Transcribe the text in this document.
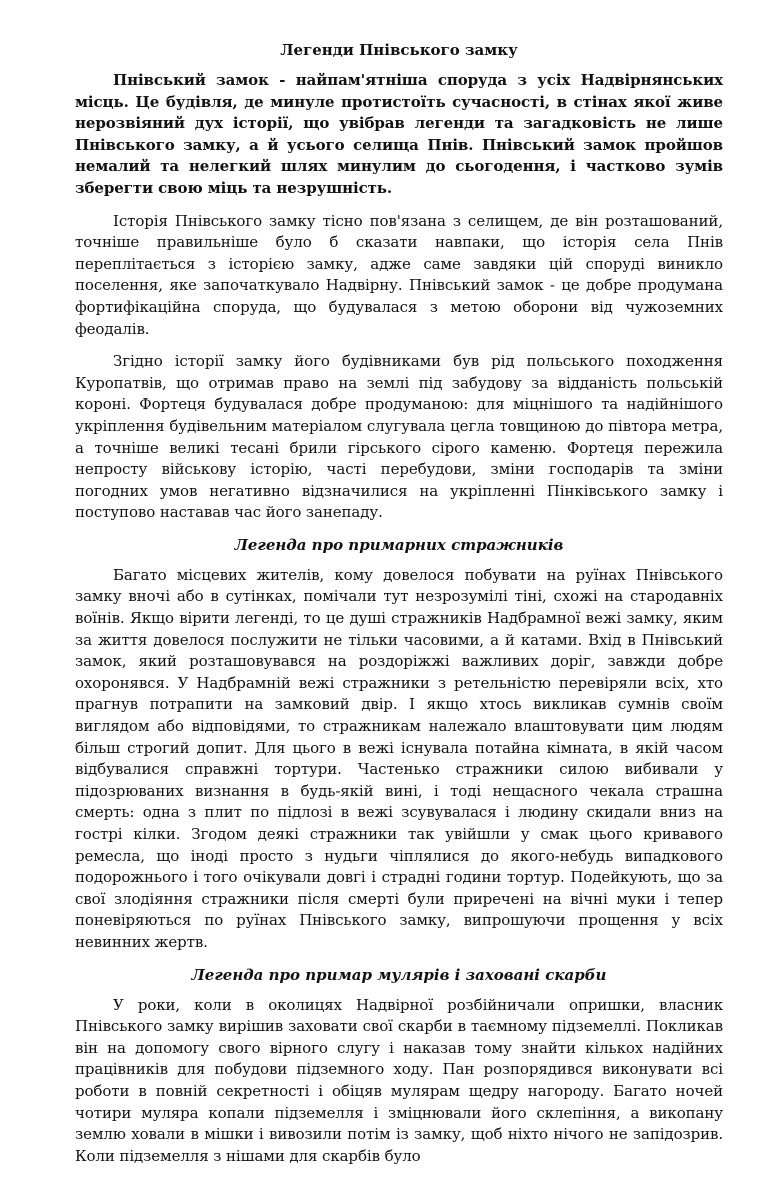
Легенди Пнівського замку

Пнівський замок - найпам'ятніша споруда з усіх Надвірнянських місць. Це будівля, де минуле протистоїть сучасності, в стінах якої живе нерозвіяний дух історії, що увібрав легенди та загадковість не лише Пнівського замку, а й усього селища Пнів. Пнівський замок пройшов немалий та нелегкий шлях минулим до сьогодення, і частково зумів зберегти свою міць та незрушність.

Історія Пнівського замку тісно пов'язана з селищем, де він розташований, точніше правильніше було б сказати навпаки, що історія села Пнів переплітається з історією замку, адже саме завдяки цій споруді виникло поселення, яке започаткувало Надвірну. Пнівський замок - це добре продумана фортифікаційна споруда, що будувалася з метою оборони від чужоземних феодалів.

Згідно історії замку його будівниками був рід польського походження Куропатвів, що отримав право на землі під забудову за відданість польській короні. Фортеця будувалася добре продуманою: для міцнішого та надійнішого укріплення будівельним матеріалом слугувала цегла товщиною до півтора метра, а точніше великі тесані брили гірського сірого каменю. Фортеця пережила непросту військову історію, часті перебудови, зміни господарів та зміни погодних умов негативно відзначилися на укріпленні Пінківського замку і поступово наставав час його занепаду.

Легенда про примарних стражників

Багато місцевих жителів, кому довелося побувати на руїнах Пнівського замку вночі або в сутінках, помічали тут незрозумілі тіні, схожі на стародавніх воїнів. Якщо вірити легенді, то це душі стражників Надбрамної вежі замку, яким за життя довелося послужити не тільки часовими, а й катами. Вхід в Пнівський замок, який розташовувався на роздоріжжі важливих доріг, завжди добре охоронявся. У Надбрамній вежі стражники з ретельністю перевіряли всіх, хто прагнув потрапити на замковий двір. І якщо хтось викликав сумнів своїм виглядом або відповідями, то стражникам належало влаштовувати цим людям більш строгий допит. Для цього в вежі існувала потайна кімната, в якій часом відбувалися справжні тортури. Частенько стражники силою вибивали у підозрюваних визнання в будь-якій вині, і тоді нещасного чекала страшна смерть: одна з плит по підлозі в вежі зсувувалася і людину скидали вниз на гострі кілки. Згодом деякі стражники так увійшли у смак цього кривавого ремесла, що іноді просто з нудьги чіплялися до якого-небудь випадкового подорожнього і того очікували довгі і страдні години тортур. Подейкують, що за свої злодіяння стражники після смерті були приречені на вічні муки і тепер поневіряються по руїнах Пнівського замку, випрошуючи прощення у всіх невинних жертв.

Легенда про примар мулярів і заховані скарби

У роки, коли в околицях Надвірної розбійничали опришки, власник Пнівського замку вирішив заховати свої скарби в таємному підземеллі. Покликав він на допомогу свого вірного слугу і наказав тому знайти кількох надійних працівників для побудови підземного ходу. Пан розпорядився виконувати всі роботи в повній секретності і обіцяв мулярам щедру нагороду. Багато ночей чотири муляра копали підземелля і зміцнювали його склепіння, а викопану землю ховали в мішки і вивозили потім із замку, щоб ніхто нічого не запідозрив. Коли підземелля з нішами для скарбів було
